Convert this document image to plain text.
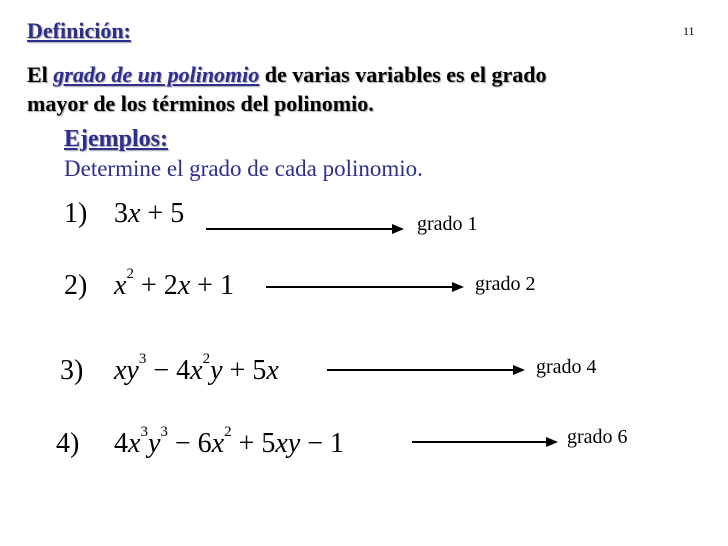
Definición:	11
El grado de un polinomio de varias variables es el grado
mayor de los términos del polinomio.
Ejemplos:
Determine el grado de cada polinomio.
1) 3x + 5	grado 1
2) $x^2 + 2x + 1$	grado 2
3) $xy^3 - 4x^2y + 5x$	grado 4
4) $4x^3y^3 - 6x^2 + 5xy - 1$	grado 6
